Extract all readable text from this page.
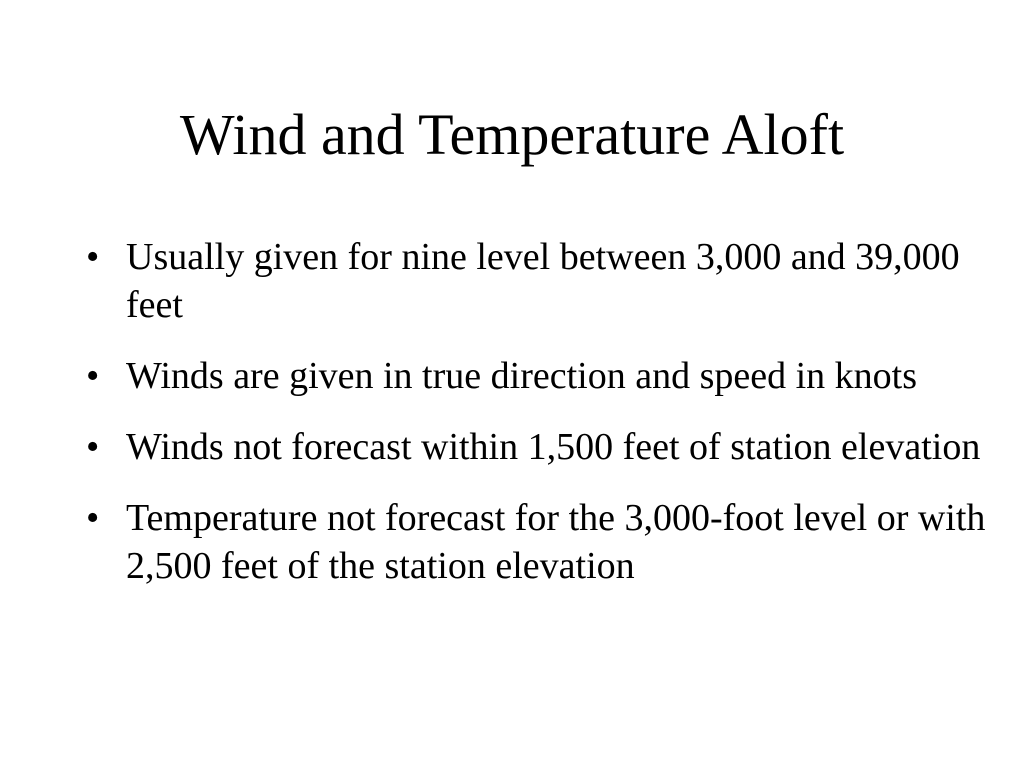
Wind and Temperature Aloft
• Usually given for nine level between 3,000 and 39,000 feet
• Winds are given in true direction and speed in knots
• Winds not forecast within 1,500 feet of station elevation
• Temperature not forecast for the 3,000-foot level or with 2,500 feet of the station elevation
